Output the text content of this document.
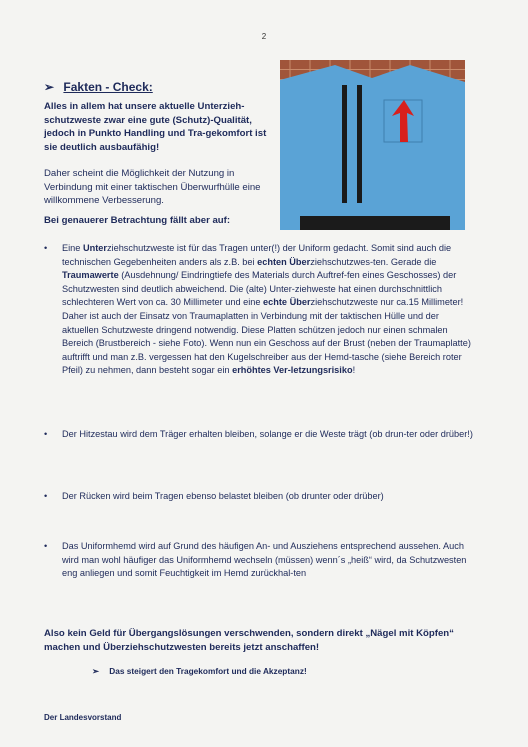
2
➢ Fakten - Check:
Alles in allem hat unsere aktuelle Unterzieh-schutzweste zwar eine gute (Schutz)-Qualität, jedoch in Punkto Handling und Tra-gekomfort ist sie deutlich ausbaufähig!
Daher scheint die Möglichkeit der Nutzung in Verbindung mit einer taktischen Überwurfhülle eine willkommene Verbesserung.
Bei genauerer Betrachtung fällt aber auf:
• Eine Unterziehschutzweste ist für das Tragen unter(!) der Uniform gedacht. Somit sind auch die technischen Gegebenheiten anders als z.B. bei echten Überziehschutzwes-ten. Gerade die Traumawerte (Ausdehnung/ Eindringtiefe des Materials durch Auftref-fen eines Geschosses) der Schutzwesten sind deutlich abweichend. Die (alte) Unter-ziehweste hat einen durchschnittlich schlechteren Wert von ca. 30 Millimeter und eine echte Überziehschutzweste nur ca.15 Millimeter! Daher ist auch der Einsatz von Traumaplatten in Verbindung mit der taktischen Hülle und der aktuellen Schutzweste dringend notwendig. Diese Platten schützen jedoch nur einen schmalen Bereich (Brustbereich - siehe Foto). Wenn nun ein Geschoss auf der Brust (neben der Traumaplatte) auftrifft und man z.B. vergessen hat den Kugelschreiber aus der Hemd-tasche (siehe Bereich roter Pfeil) zu nehmen, dann besteht sogar ein erhöhtes Ver-letzungsrisiko!
• Der Hitzestau wird dem Träger erhalten bleiben, solange er die Weste trägt (ob drun-ter oder drüber!)
• Der Rücken wird beim Tragen ebenso belastet bleiben (ob drunter oder drüber)
• Das Uniformhemd wird auf Grund des häufigen An- und Ausziehens entsprechend aussehen. Auch wird man wohl häufiger das Uniformhemd wechseln (müssen) wenn´s „heiß“ wird, da Schutzwesten eng anliegen und somit Feuchtigkeit im Hemd zurückhal-ten
Also kein Geld für Übergangslösungen verschwenden, sondern direkt „Nägel mit Köpfen“ machen und Überziehschutzwesten bereits jetzt anschaffen!
➢ Das steigert den Tragekomfort und die Akzeptanz!
Der Landesvorstand
